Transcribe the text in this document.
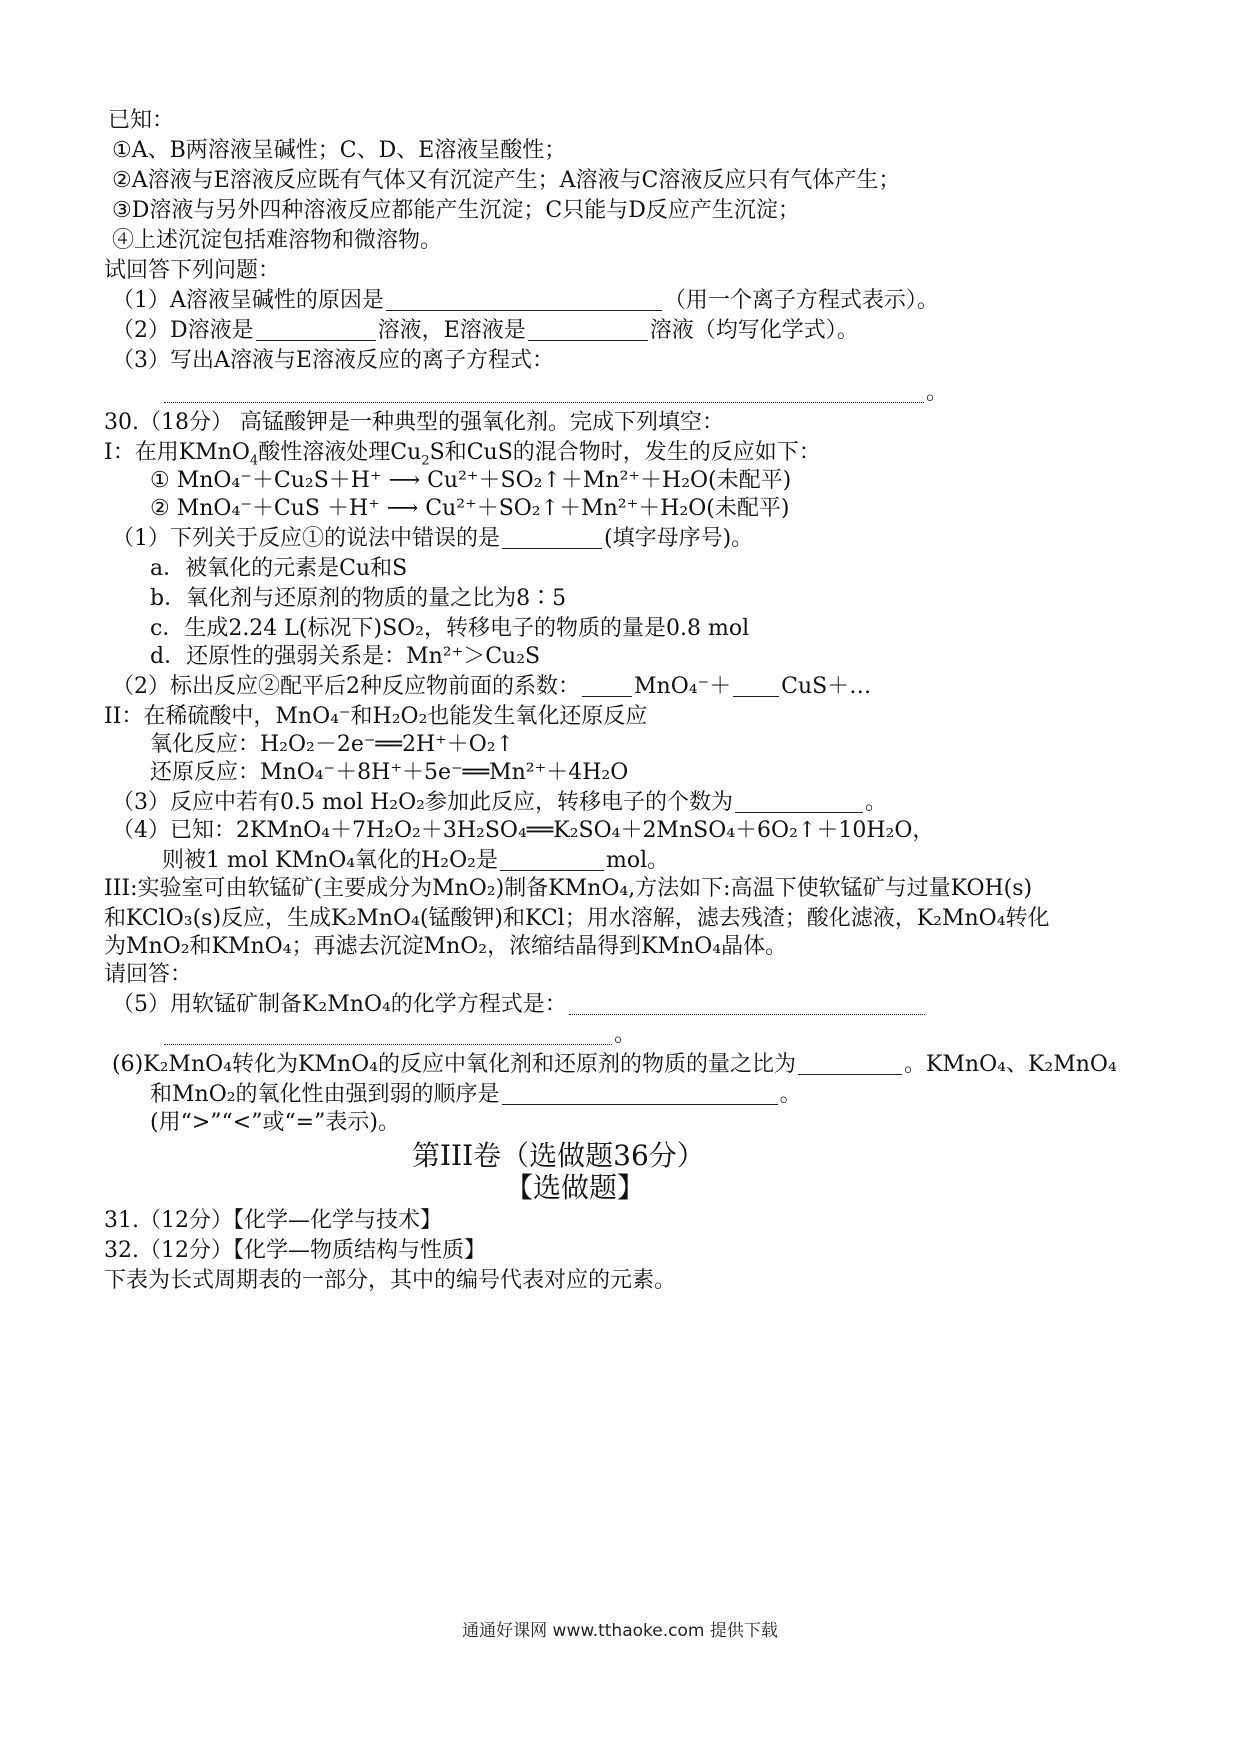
已知：
①A、B两溶液呈碱性；C、D、E溶液呈酸性；
②A溶液与E溶液反应既有气体又有沉淀产生；A溶液与C溶液反应只有气体产生；
③D溶液与另外四种溶液反应都能产生沉淀；C只能与D反应产生沉淀；
④上述沉淀包括难溶物和微溶物。
试回答下列问题：
（1）A溶液呈碱性的原因是	（用一个离子方程式表示）。
（2）D溶液是	溶液，E溶液是	溶液（均写化学式）。
（3）写出A溶液与E溶液反应的离子方程式：
。
30.（18分） 高锰酸钾是一种典型的强氧化剂。完成下列填空：
I：在用KMnO$_4$酸性溶液处理$Cu_2S$和CuS的混合物时，发生的反应如下：
① MnO₄⁻＋Cu₂S＋H⁺ ⟶ Cu²⁺＋SO₂↑＋Mn²⁺＋H₂O(未配平)
② MnO₄⁻＋CuS ＋H⁺ ⟶ Cu²⁺＋SO₂↑＋Mn²⁺＋H₂O(未配平)
（1）下列关于反应①的说法中错误的是	(填字母序号)。
a．被氧化的元素是Cu和S
b．氧化剂与还原剂的物质的量之比为8∶5
c．生成2.24 L(标况下)SO₂，转移电子的物质的量是0.8 mol
d．还原性的强弱关系是：Mn²⁺＞Cu₂S
（2）标出反应②配平后2种反应物前面的系数： MnO₄⁻＋ CuS＋…
II：在稀硫酸中，MnO₄⁻和H₂O₂也能发生氧化还原反应
氧化反应：H₂O₂－2e⁻══2H⁺＋O₂↑
还原反应：MnO₄⁻＋8H⁺＋5e⁻══Mn²⁺＋4H₂O
（3）反应中若有0.5 mol H₂O₂参加此反应，转移电子的个数为	。
（4）已知：2KMnO₄＋7H₂O₂＋3H₂SO₄══K₂SO₄＋2MnSO₄＋6O₂↑＋10H₂O，
则被1 mol KMnO₄氧化的H₂O₂是	mol。
III:实验室可由软锰矿(主要成分为MnO₂)制备KMnO₄,方法如下:高温下使软锰矿与过量KOH(s)
和KClO₃(s)反应，生成K₂MnO₄(锰酸钾)和KCl；用水溶解，滤去残渣；酸化滤液，K₂MnO₄转化
为MnO₂和KMnO₄；再滤去沉淀MnO₂，浓缩结晶得到KMnO₄晶体。
请回答：
（5）用软锰矿制备K₂MnO₄的化学方程式是：
。
(6)K₂MnO₄转化为KMnO₄的反应中氧化剂和还原剂的物质的量之比为	。KMnO₄、K₂MnO₄
和MnO₂的氧化性由强到弱的顺序是	。
(用“>”“<”或“=”表示)。
第III卷（选做题36分）
【选做题】
31.（12分）【化学—化学与技术】
32.（12分）【化学—物质结构与性质】
下表为长式周期表的一部分，其中的编号代表对应的元素。
通通好课网 www.tthaoke.com 提供下载
